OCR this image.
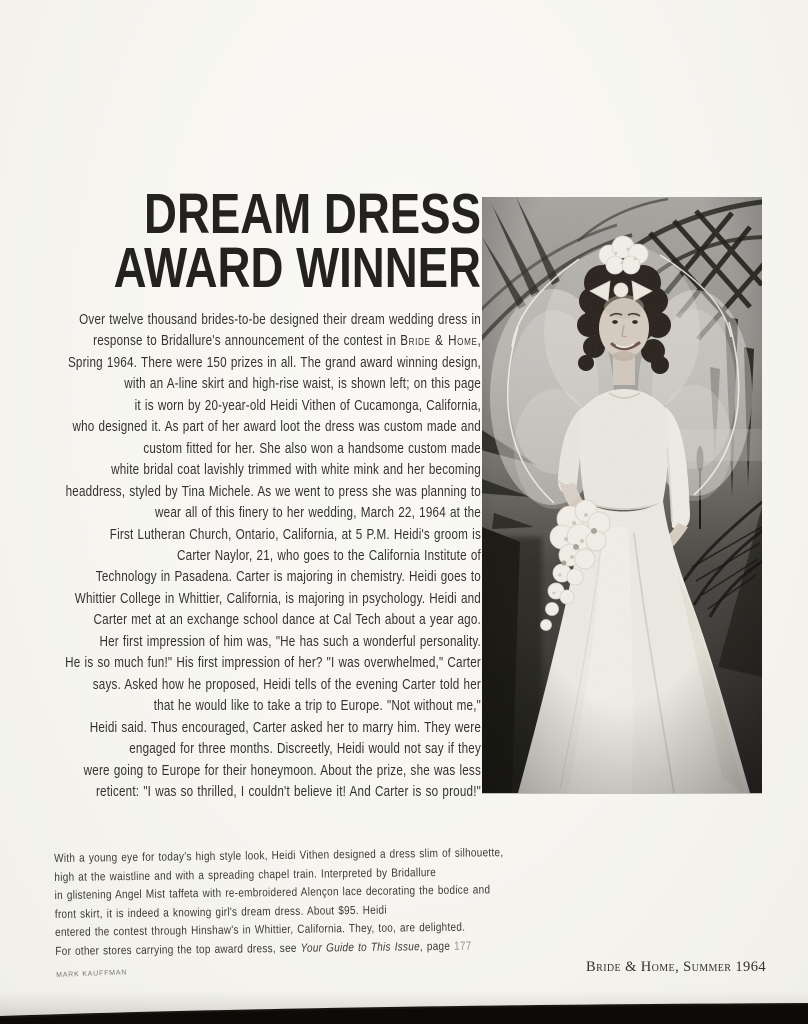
DREAM DRESS
AWARD WINNER
Over twelve thousand brides-to-be designed their dream wedding dress in
response to Bridallure's announcement of the contest in Bride & Home,
Spring 1964. There were 150 prizes in all. The grand award winning design,
with an A-line skirt and high-rise waist, is shown left; on this page
it is worn by 20-year-old Heidi Vithen of Cucamonga, California,
who designed it. As part of her award loot the dress was custom made and
custom fitted for her. She also won a handsome custom made
white bridal coat lavishly trimmed with white mink and her becoming
headdress, styled by Tina Michele. As we went to press she was planning to
wear all of this finery to her wedding, March 22, 1964 at the
First Lutheran Church, Ontario, California, at 5 P.M. Heidi's groom is
Carter Naylor, 21, who goes to the California Institute of
Technology in Pasadena. Carter is majoring in chemistry. Heidi goes to
Whittier College in Whittier, California, is majoring in psychology. Heidi and
Carter met at an exchange school dance at Cal Tech about a year ago.
Her first impression of him was, "He has such a wonderful personality.
He is so much fun!" His first impression of her? "I was overwhelmed," Carter
says. Asked how he proposed, Heidi tells of the evening Carter told her
that he would like to take a trip to Europe. "Not without me,"
Heidi said. Thus encouraged, Carter asked her to marry him. They were
engaged for three months. Discreetly, Heidi would not say if they
were going to Europe for their honeymoon. About the prize, she was less
reticent: "I was so thrilled, I couldn't believe it! And Carter is so proud!"
With a young eye for today's high style look, Heidi Vithen designed a dress slim of silhouette,
high at the waistline and with a spreading chapel train. Interpreted by Bridallure
in glistening Angel Mist taffeta with re-embroidered Alençon lace decorating the bodice and
front skirt, it is indeed a knowing girl's dream dress. About $95. Heidi
entered the contest through Hinshaw's in Whittier, California. They, too, are delighted.
For other stores carrying the top award dress, see Your Guide to This Issue, page 177
MARK KAUFFMAN	Bride & Home, Summer 1964
